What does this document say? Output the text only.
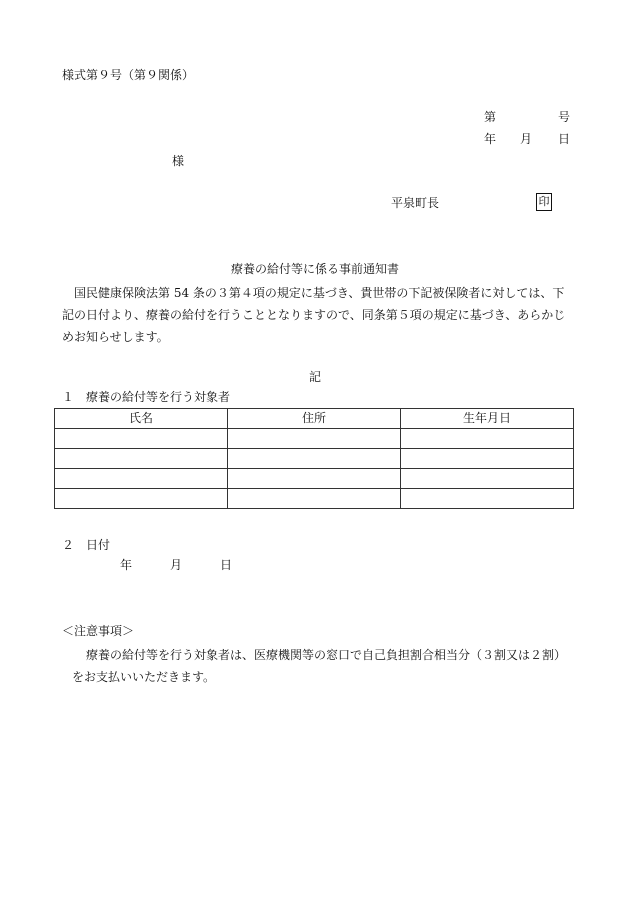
様式第９号（第９関係）
第	号
年 月 日
様
平泉町長	印
療養の給付等に係る事前通知書
国民健康保険法第 54 条の３第４項の規定に基づき、貴世帯の下記被保険者に対しては、下記の日付より、療養の給付を行うこととなりますので、同条第５項の規定に基づき、あらかじめお知らせします。
記
１　療養の給付等を行う対象者
氏名	住所	生年月日

２　日付
年	月	日
＜注意事項＞
療養の給付等を行う対象者は、医療機関等の窓口で自己負担割合相当分（３割又は２割）をお支払いいただきます。
